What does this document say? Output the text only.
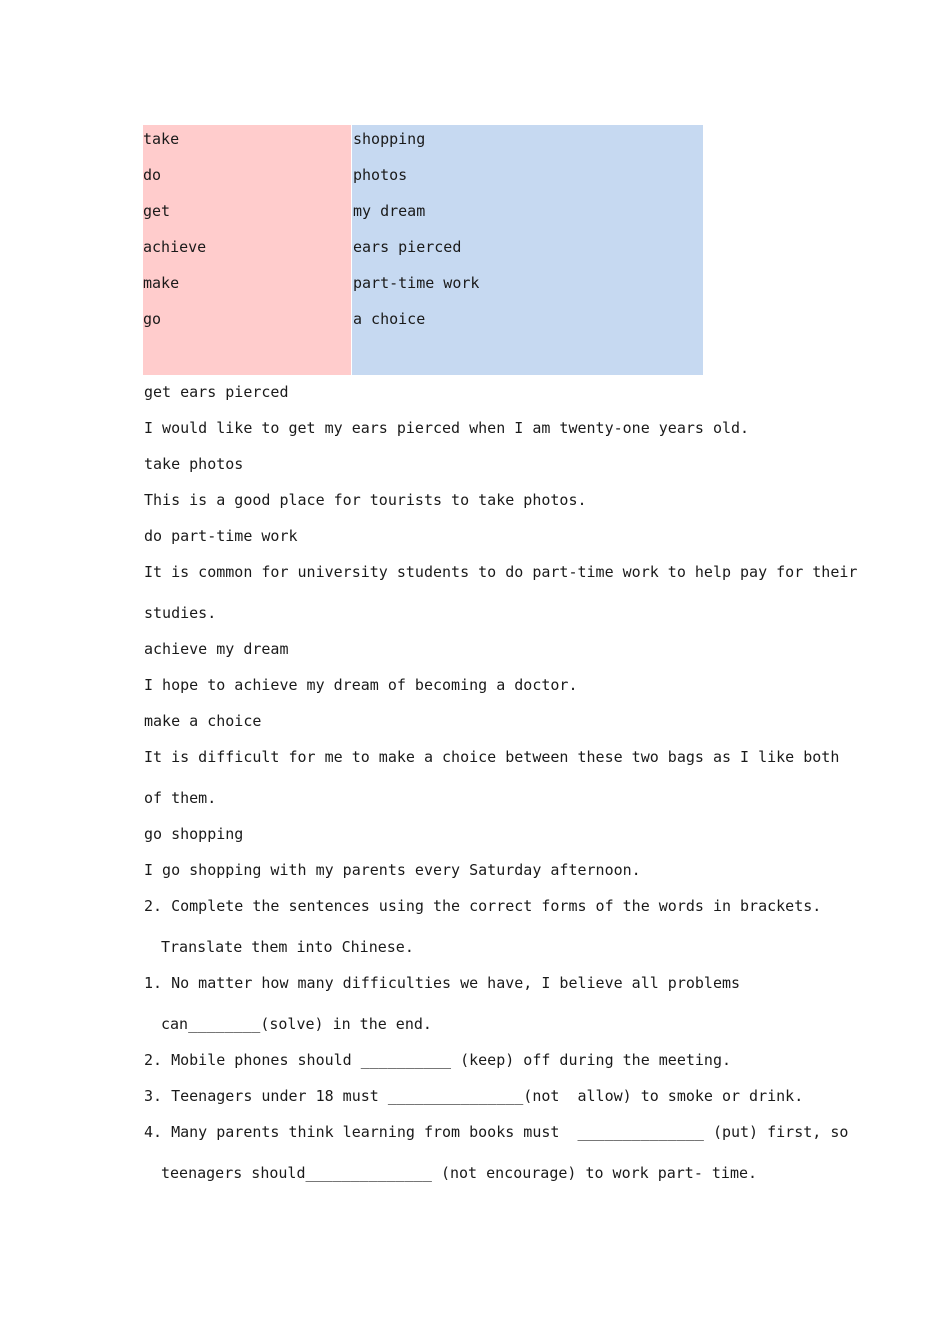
take
do
get
achieve
make
go
shopping
photos
my dream
ears pierced
part-time work
a choice
get ears pierced
I would like to get my ears pierced when I am twenty-one years old.
take photos
This is a good place for tourists to take photos.
do part-time work
It is common for university students to do part-time work to help pay for their
studies.
achieve my dream
I hope to achieve my dream of becoming a doctor.
make a choice
It is difficult for me to make a choice between these two bags as I like both
of them.
go shopping
I go shopping with my parents every Saturday afternoon.
2. Complete the sentences using the correct forms of the words in brackets.
Translate them into Chinese.
1. No matter how many difficulties we have, I believe all problems
can________(solve) in the end.
2. Mobile phones should __________ (keep) off during the meeting.
3. Teenagers under 18 must _______________(not  allow) to smoke or drink.
4. Many parents think learning from books must  ______________ (put) first, so
teenagers should______________ (not encourage) to work part- time.
